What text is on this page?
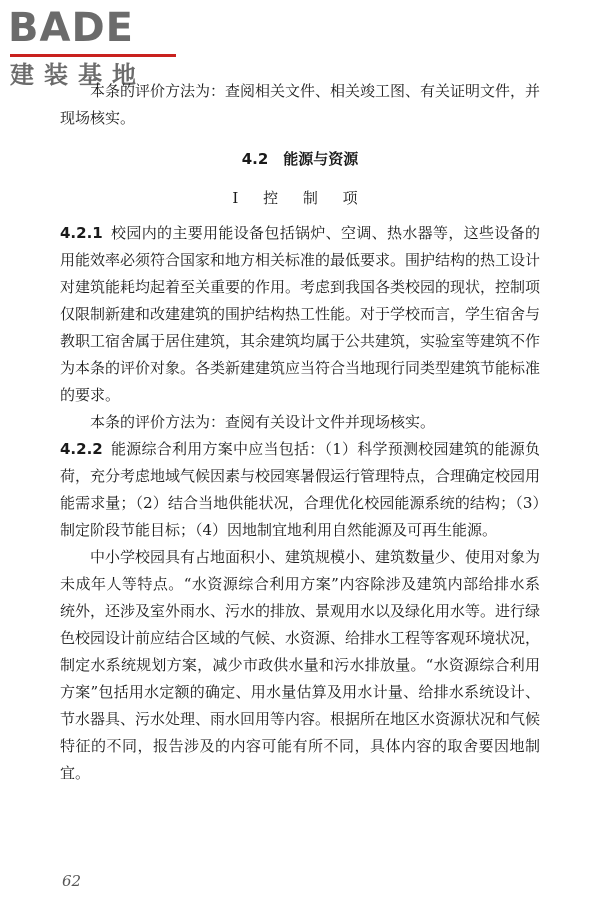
BADE
建装基地

本条的评价方法为：查阅相关文件、相关竣工图、有关证明文件，并现场核实。

4.2　能源与资源
Ⅰ 控 制 项

4.2.1 校园内的主要用能设备包括锅炉、空调、热水器等，这些设备的用能效率必须符合国家和地方相关标准的最低要求。围护结构的热工设计对建筑能耗均起着至关重要的作用。考虑到我国各类校园的现状，控制项仅限制新建和改建建筑的围护结构热工性能。对于学校而言，学生宿舍与教职工宿舍属于居住建筑，其余建筑均属于公共建筑，实验室等建筑不作为本条的评价对象。各类新建建筑应当符合当地现行同类型建筑节能标准的要求。

本条的评价方法为：查阅有关设计文件并现场核实。

4.2.2 能源综合利用方案中应当包括：（1）科学预测校园建筑的能源负荷，充分考虑地域气候因素与校园寒暑假运行管理特点，合理确定校园用能需求量；（2）结合当地供能状况，合理优化校园能源系统的结构；（3）制定阶段节能目标；（4）因地制宜地利用自然能源及可再生能源。

中小学校园具有占地面积小、建筑规模小、建筑数量少、使用对象为未成年人等特点。“水资源综合利用方案”内容除涉及建筑内部给排水系统外，还涉及室外雨水、污水的排放、景观用水以及绿化用水等。进行绿色校园设计前应结合区域的气候、水资源、给排水工程等客观环境状况，制定水系统规划方案，减少市政供水量和污水排放量。“水资源综合利用方案”包括用水定额的确定、用水量估算及用水计量、给排水系统设计、节水器具、污水处理、雨水回用等内容。根据所在地区水资源状况和气候特征的不同，报告涉及的内容可能有所不同，具体内容的取舍要因地制宜。

62
